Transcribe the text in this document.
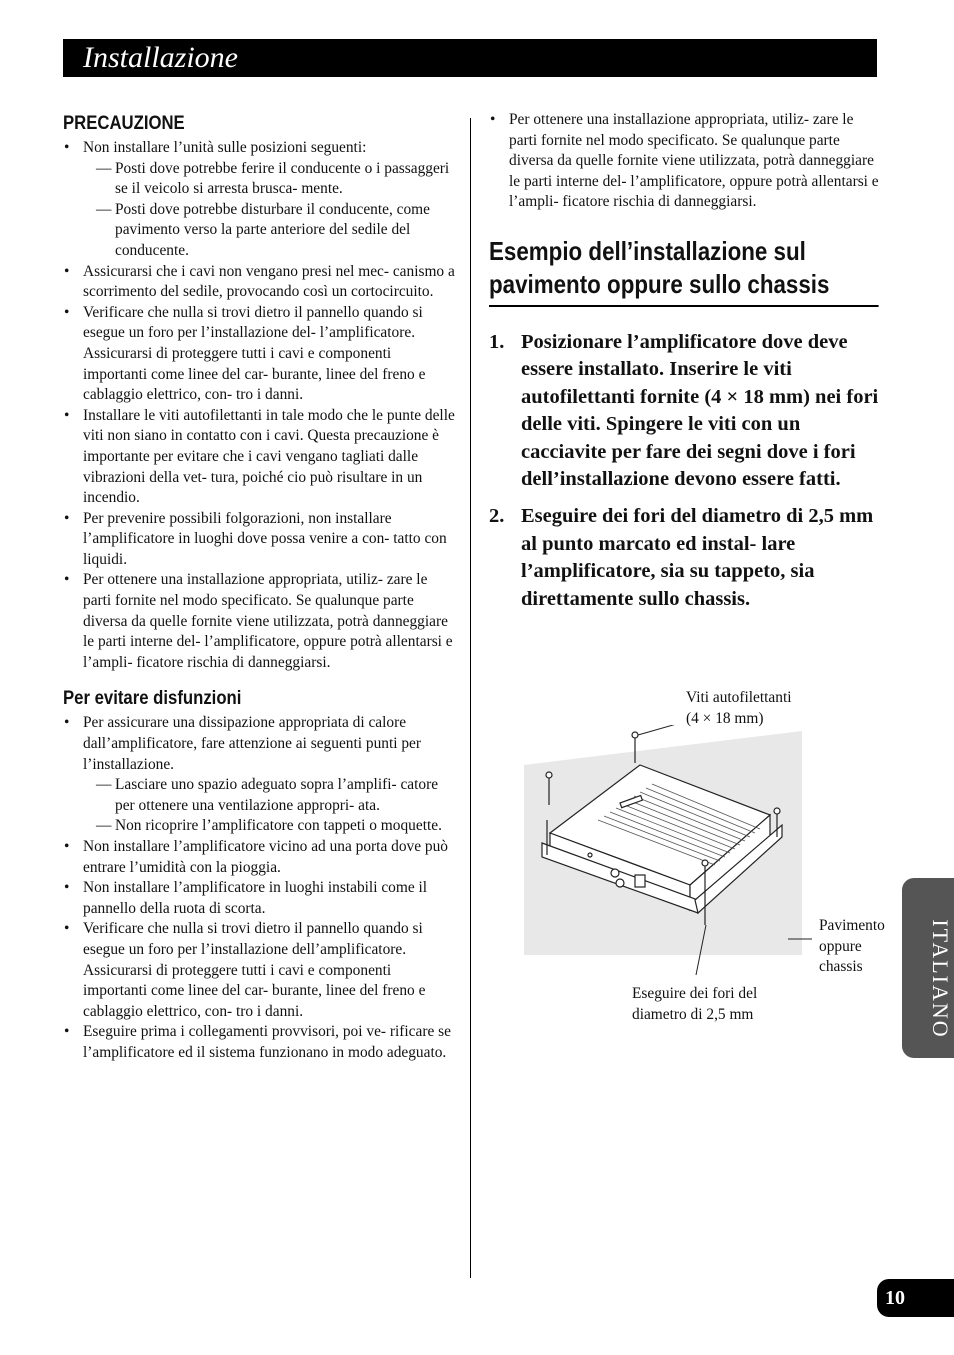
Installazione
PRECAUZIONE
• Non installare l’unità sulle posizioni seguenti:
— Posti dove potrebbe ferire il conducente o i passaggeri se il veicolo si arresta brusca- mente.
— Posti dove potrebbe disturbare il conducente, come pavimento verso la parte anteriore del sedile del conducente.
• Assicurarsi che i cavi non vengano presi nel mec- canismo a scorrimento del sedile, provocando così un cortocircuito.
• Verificare che nulla si trovi dietro il pannello quando si esegue un foro per l’installazione del- l’amplificatore. Assicurarsi di proteggere tutti i cavi e componenti importanti come linee del car- burante, linee del freno e cablaggio elettrico, con- tro i danni.
• Installare le viti autofilettanti in tale modo che le punte delle viti non siano in contatto con i cavi. Questa precauzione è importante per evitare che i cavi vengano tagliati dalle vibrazioni della vet- tura, poiché cio può risultare in un incendio.
• Per prevenire possibili folgorazioni, non installare l’amplificatore in luoghi dove possa venire a con- tatto con liquidi.
• Per ottenere una installazione appropriata, utiliz- zare le parti fornite nel modo specificato. Se qualunque parte diversa da quelle fornite viene utilizzata, potrà danneggiare le parti interne del- l’amplificatore, oppure potrà allentarsi e l’ampli- ficatore rischia di danneggiarsi.
Per evitare disfunzioni
• Per assicurare una dissipazione appropriata di calore dall’amplificatore, fare attenzione ai seguenti punti per l’installazione.
— Lasciare uno spazio adeguato sopra l’amplifi- catore per ottenere una ventilazione appropri- ata.
— Non ricoprire l’amplificatore con tappeti o moquette.
• Non installare l’amplificatore vicino ad una porta dove può entrare l’umidità con la pioggia.
• Non installare l’amplificatore in luoghi instabili come il pannello della ruota di scorta.
• Verificare che nulla si trovi dietro il pannello quando si esegue un foro per l’installazione dell’amplificatore. Assicurarsi di proteggere tutti i cavi e componenti importanti come linee del car- burante, linee del freno e cablaggio elettrico, con- tro i danni.
• Eseguire prima i collegamenti provvisori, poi ve- rificare se l’amplificatore ed il sistema funzionano in modo adeguato.
• Per ottenere una installazione appropriata, utiliz- zare le parti fornite nel modo specificato. Se qualunque parte diversa da quelle fornite viene utilizzata, potrà danneggiare le parti interne del- l’amplificatore, oppure potrà allentarsi e l’ampli- ficatore rischia di danneggiarsi.
Esempio dell’installazione sul pavimento oppure sullo chassis
1. Posizionare l’amplificatore dove deve essere installato. Inserire le viti autofilettanti fornite (4 × 18 mm) nei fori delle viti. Spingere le viti con un cacciavite per fare dei segni dove i fori dell’installazione devono essere fatti.
2. Eseguire dei fori del diametro di 2,5 mm al punto marcato ed instal- lare l’amplificatore, sia su tappeto, sia direttamente sullo chassis.
Viti autofilettanti
(4 × 18 mm)
Pavimento
oppure
chassis
Eseguire dei fori del
diametro di 2,5 mm	ITALIANO
10
